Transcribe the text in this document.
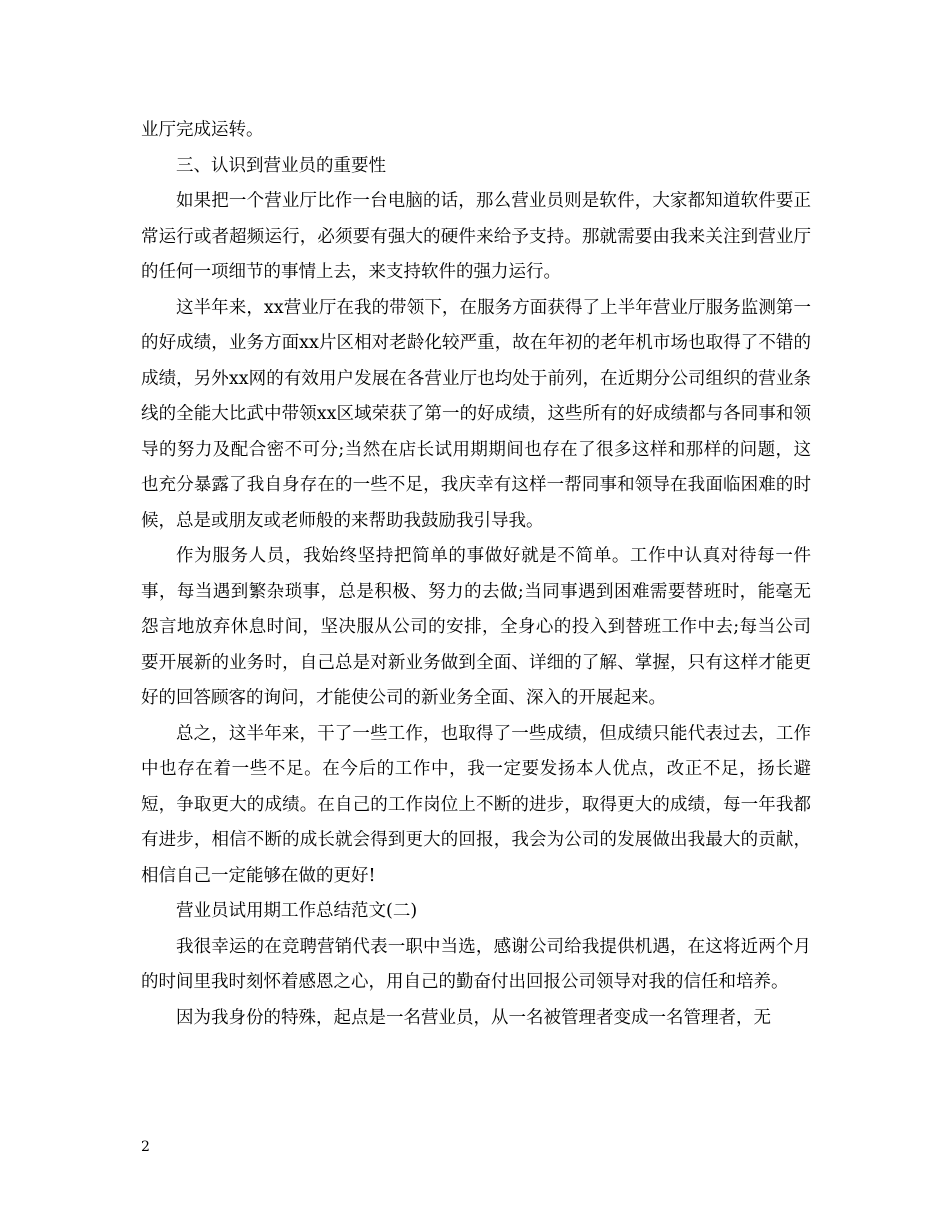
业厅完成运转。

三、认识到营业员的重要性

如果把一个营业厅比作一台电脑的话，那么营业员则是软件，大家都知道软件要正常运行或者超频运行，必须要有强大的硬件来给予支持。那就需要由我来关注到营业厅的任何一项细节的事情上去，来支持软件的强力运行。

这半年来，xx营业厅在我的带领下，在服务方面获得了上半年营业厅服务监测第一的好成绩，业务方面xx片区相对老龄化较严重，故在年初的老年机市场也取得了不错的成绩，另外xx网的有效用户发展在各营业厅也均处于前列，在近期分公司组织的营业条线的全能大比武中带领xx区域荣获了第一的好成绩，这些所有的好成绩都与各同事和领导的努力及配合密不可分;当然在店长试用期期间也存在了很多这样和那样的问题，这也充分暴露了我自身存在的一些不足，我庆幸有这样一帮同事和领导在我面临困难的时候，总是或朋友或老师般的来帮助我鼓励我引导我。

作为服务人员，我始终坚持把简单的事做好就是不简单。工作中认真对待每一件事，每当遇到繁杂琐事，总是积极、努力的去做;当同事遇到困难需要替班时，能毫无怨言地放弃休息时间，坚决服从公司的安排，全身心的投入到替班工作中去;每当公司要开展新的业务时，自己总是对新业务做到全面、详细的了解、掌握，只有这样才能更好的回答顾客的询问，才能使公司的新业务全面、深入的开展起来。

总之，这半年来，干了一些工作，也取得了一些成绩，但成绩只能代表过去，工作中也存在着一些不足。在今后的工作中，我一定要发扬本人优点，改正不足，扬长避短，争取更大的成绩。在自己的工作岗位上不断的进步，取得更大的成绩，每一年我都有进步，相信不断的成长就会得到更大的回报，我会为公司的发展做出我最大的贡献，相信自己一定能够在做的更好!

营业员试用期工作总结范文(二)

我很幸运的在竞聘营销代表一职中当选，感谢公司给我提供机遇，在这将近两个月的时间里我时刻怀着感恩之心，用自己的勤奋付出回报公司领导对我的信任和培养。

因为我身份的特殊，起点是一名营业员，从一名被管理者变成一名管理者，无

2
